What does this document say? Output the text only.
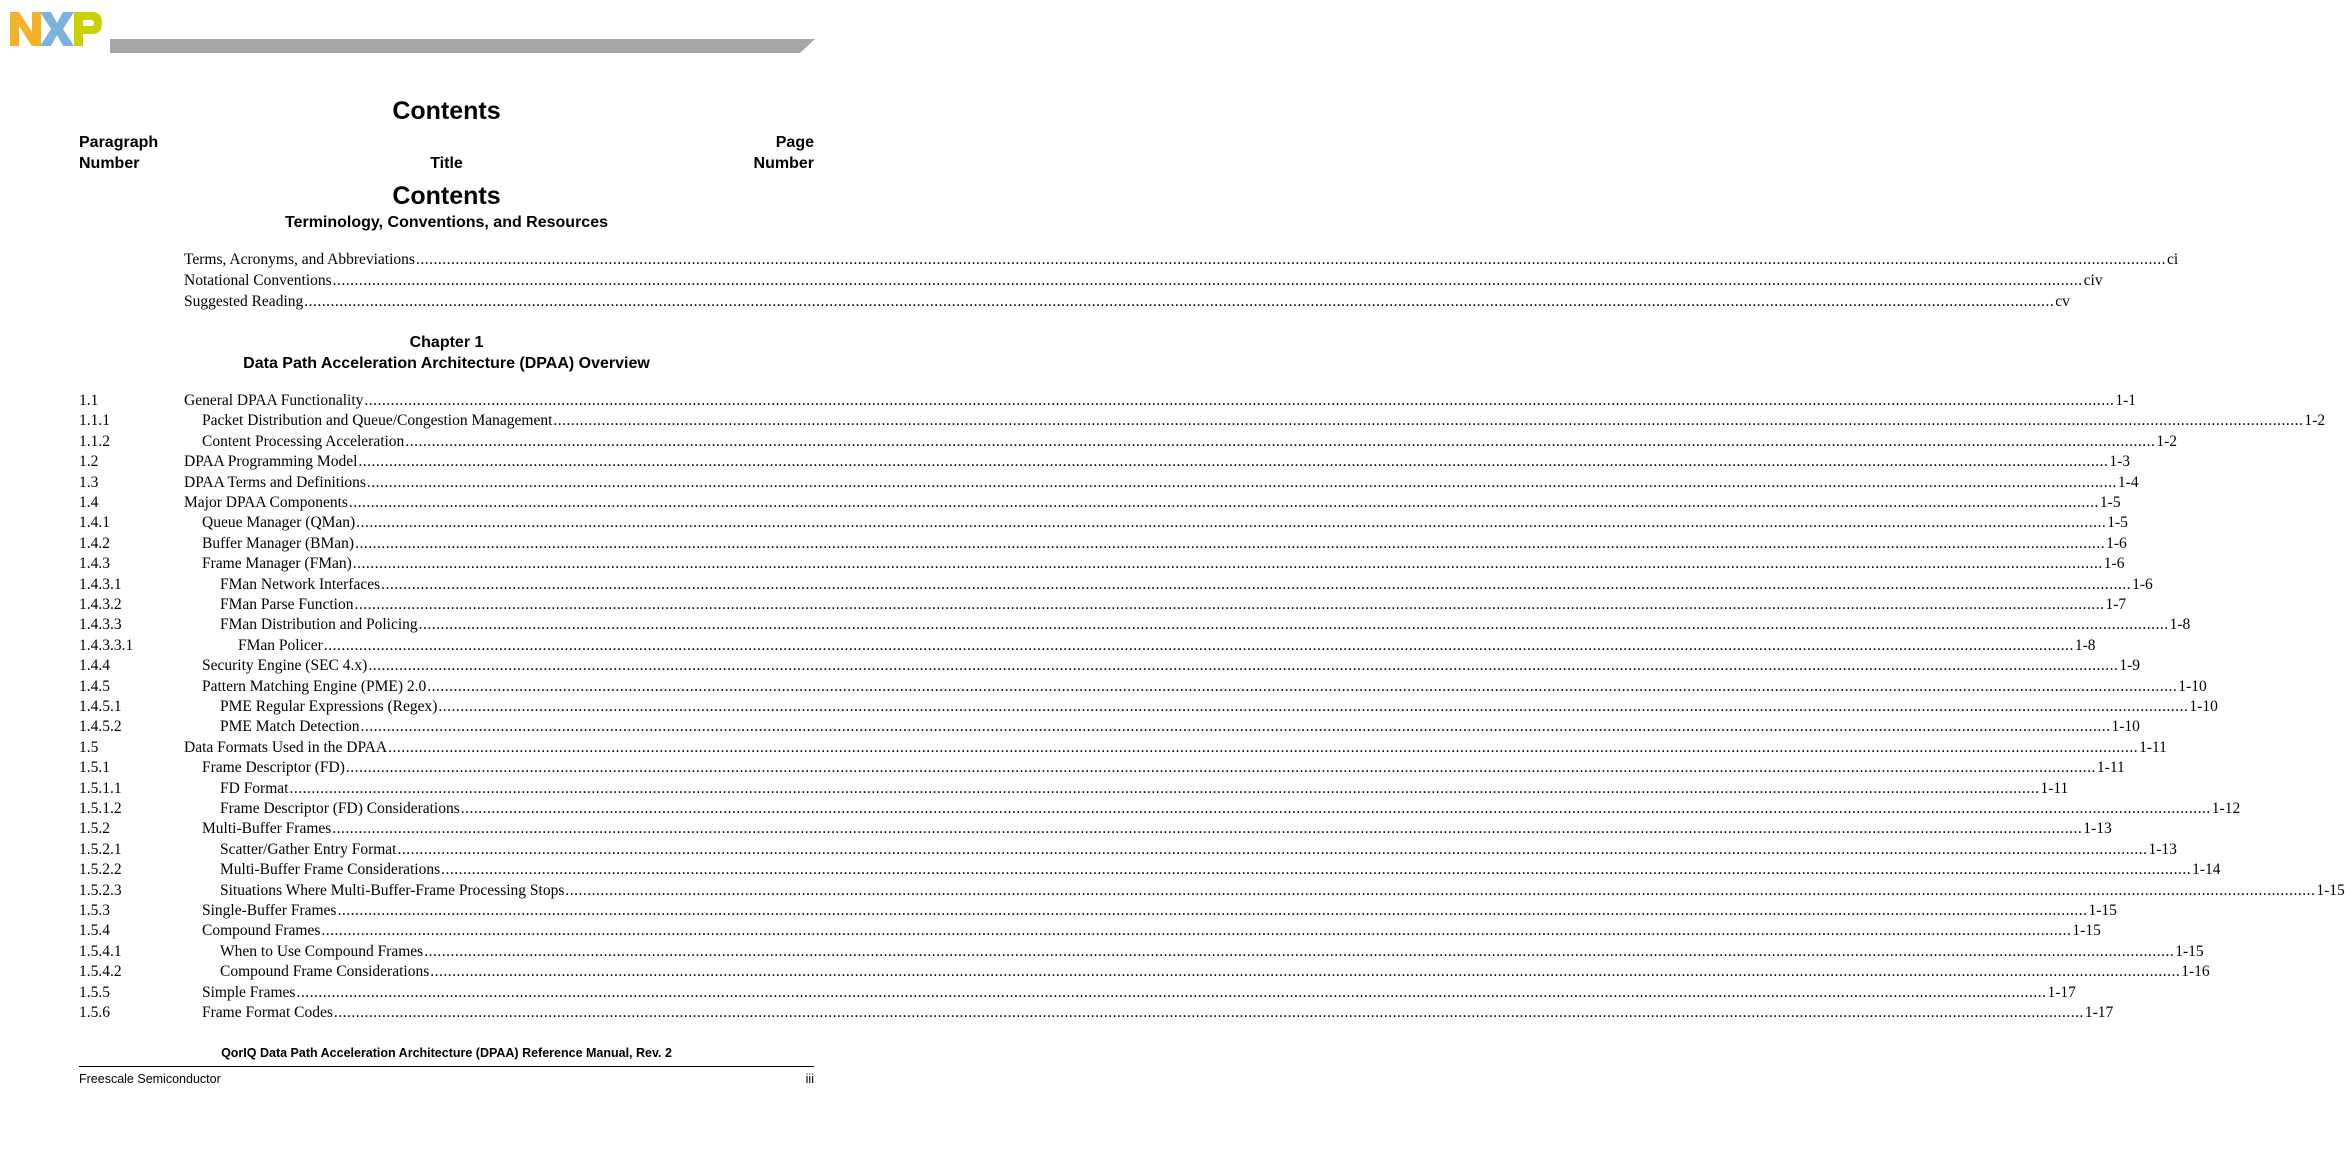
Contents
Paragraph
Number	Title
Page
Number
Contents
Terminology, Conventions, and Resources
Terms, Acronyms, and Abbreviations ................................................................................................................................................................................................................................................................................................................................................................................................................ ci
Notational Conventions ................................................................................................................................................................................................................................................................................................................................................................................................................ civ
Suggested Reading ................................................................................................................................................................................................................................................................................................................................................................................................................ cv
Chapter 1
Data Path Acceleration Architecture (DPAA) Overview
1.1	General DPAA Functionality ................................................................................................................................................................................................................................................................................................................................................................................................................ 1-1
1.1.1	Packet Distribution and Queue/Congestion Management ................................................................................................................................................................................................................................................................................................................................................................................................................ 1-2
1.1.2	Content Processing Acceleration ................................................................................................................................................................................................................................................................................................................................................................................................................ 1-2
1.2	DPAA Programming Model ................................................................................................................................................................................................................................................................................................................................................................................................................ 1-3
1.3	DPAA Terms and Definitions ................................................................................................................................................................................................................................................................................................................................................................................................................ 1-4
1.4	Major DPAA Components ................................................................................................................................................................................................................................................................................................................................................................................................................ 1-5
1.4.1	Queue Manager (QMan) ................................................................................................................................................................................................................................................................................................................................................................................................................ 1-5
1.4.2	Buffer Manager (BMan) ................................................................................................................................................................................................................................................................................................................................................................................................................ 1-6
1.4.3	Frame Manager (FMan) ................................................................................................................................................................................................................................................................................................................................................................................................................ 1-6
1.4.3.1	FMan Network Interfaces ................................................................................................................................................................................................................................................................................................................................................................................................................ 1-6
1.4.3.2	FMan Parse Function ................................................................................................................................................................................................................................................................................................................................................................................................................ 1-7
1.4.3.3	FMan Distribution and Policing ................................................................................................................................................................................................................................................................................................................................................................................................................ 1-8
1.4.3.3.1	FMan Policer ................................................................................................................................................................................................................................................................................................................................................................................................................ 1-8
1.4.4	Security Engine (SEC 4.x) ................................................................................................................................................................................................................................................................................................................................................................................................................ 1-9
1.4.5	Pattern Matching Engine (PME) 2.0 ................................................................................................................................................................................................................................................................................................................................................................................................................ 1-10
1.4.5.1	PME Regular Expressions (Regex) ................................................................................................................................................................................................................................................................................................................................................................................................................ 1-10
1.4.5.2	PME Match Detection ................................................................................................................................................................................................................................................................................................................................................................................................................ 1-10
1.5	Data Formats Used in the DPAA ................................................................................................................................................................................................................................................................................................................................................................................................................ 1-11
1.5.1	Frame Descriptor (FD) ................................................................................................................................................................................................................................................................................................................................................................................................................ 1-11
1.5.1.1	FD Format ................................................................................................................................................................................................................................................................................................................................................................................................................ 1-11
1.5.1.2	Frame Descriptor (FD) Considerations ................................................................................................................................................................................................................................................................................................................................................................................................................ 1-12
1.5.2	Multi-Buffer Frames ................................................................................................................................................................................................................................................................................................................................................................................................................ 1-13
1.5.2.1	Scatter/Gather Entry Format ................................................................................................................................................................................................................................................................................................................................................................................................................ 1-13
1.5.2.2	Multi-Buffer Frame Considerations ................................................................................................................................................................................................................................................................................................................................................................................................................ 1-14
1.5.2.3	Situations Where Multi-Buffer-Frame Processing Stops ................................................................................................................................................................................................................................................................................................................................................................................................................ 1-15
1.5.3	Single-Buffer Frames ................................................................................................................................................................................................................................................................................................................................................................................................................ 1-15
1.5.4	Compound Frames ................................................................................................................................................................................................................................................................................................................................................................................................................ 1-15
1.5.4.1	When to Use Compound Frames ................................................................................................................................................................................................................................................................................................................................................................................................................ 1-15
1.5.4.2	Compound Frame Considerations ................................................................................................................................................................................................................................................................................................................................................................................................................ 1-16
1.5.5	Simple Frames ................................................................................................................................................................................................................................................................................................................................................................................................................ 1-17
1.5.6	Frame Format Codes ................................................................................................................................................................................................................................................................................................................................................................................................................ 1-17
QorIQ Data Path Acceleration Architecture (DPAA) Reference Manual, Rev. 2
Freescale Semiconductor	iii
